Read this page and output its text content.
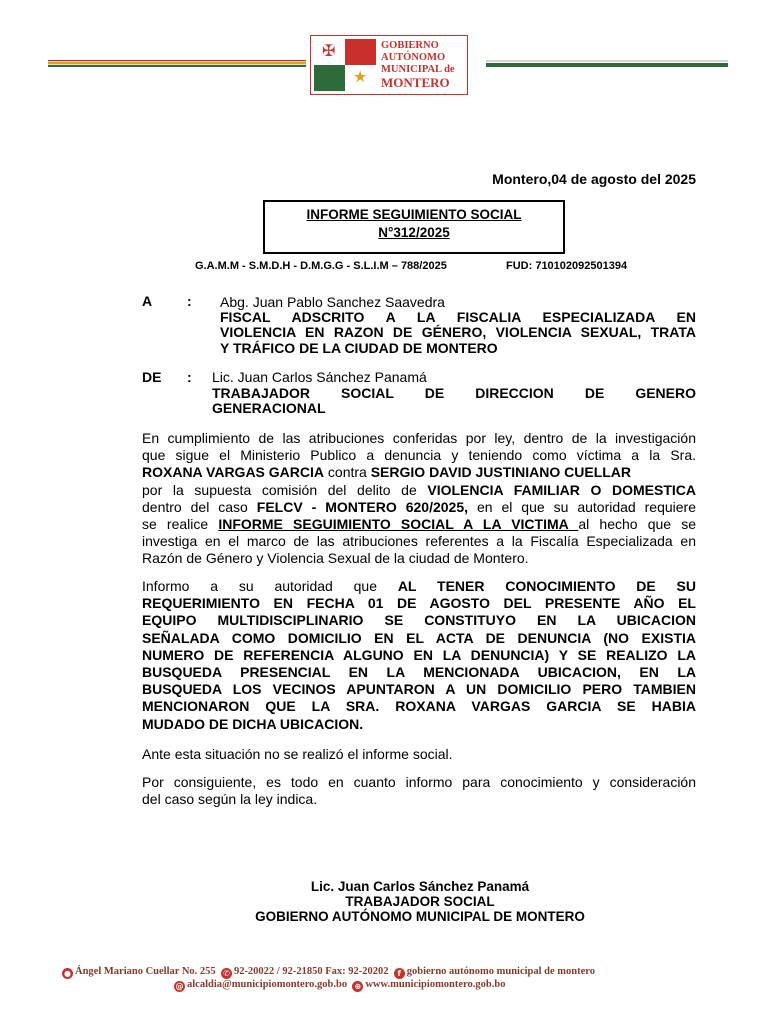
✠
★
GOBIERNO
AUTÓNOMO
MUNICIPAL de
MONTERO
Montero,04 de agosto del 2025
INFORME SEGUIMIENTO SOCIAL
N°312/2025
G.A.M.M - S.M.D.H - D.M.G.G - S.L.I.M – 788/2025	FUD: 710102092501394
A : Abg. Juan Pablo Sanchez Saavedra
FISCAL ADSCRITO A LA FISCALIA ESPECIALIZADA EN
VIOLENCIA EN RAZON DE GÉNERO, VIOLENCIA SEXUAL, TRATA
Y TRÁFICO DE LA CIUDAD DE MONTERO
DE : Lic. Juan Carlos Sánchez Panamá
TRABAJADOR SOCIAL DE DIRECCION DE GENERO
GENERACIONAL
En cumplimiento de las atribuciones conferidas por ley, dentro de la investigación
que sigue el Ministerio Publico a denuncia y teniendo como víctima a la Sra.
ROXANA VARGAS GARCIA contra SERGIO DAVID JUSTINIANO CUELLAR
por la supuesta comisión del delito de VIOLENCIA FAMILIAR O DOMESTICA
dentro del caso FELCV - MONTERO 620/2025, en el que su autoridad requiere
se realice INFORME SEGUIMIENTO SOCIAL A LA VICTIMA al hecho que se
investiga en el marco de las atribuciones referentes a la Fiscalía Especializada en
Razón de Género y Violencia Sexual de la ciudad de Montero.
Informo a su autoridad que AL TENER CONOCIMIENTO DE SU
REQUERIMIENTO EN FECHA 01 DE AGOSTO DEL PRESENTE AÑO EL
EQUIPO MULTIDISCIPLINARIO SE CONSTITUYO EN LA UBICACION
SEÑALADA COMO DOMICILIO EN EL ACTA DE DENUNCIA (NO EXISTIA
NUMERO DE REFERENCIA ALGUNO EN LA DENUNCIA) Y SE REALIZO LA
BUSQUEDA PRESENCIAL EN LA MENCIONADA UBICACION, EN LA
BUSQUEDA LOS VECINOS APUNTARON A UN DOMICILIO PERO TAMBIEN
MENCIONARON QUE LA SRA. ROXANA VARGAS GARCIA SE HABIA
MUDADO DE DICHA UBICACION.
Ante esta situación no se realizó el informe social.
Por consiguiente, es todo en cuanto informo para conocimiento y consideración
del caso según la ley indica.
Lic. Juan Carlos Sánchez Panamá
TRABAJADOR SOCIAL
GOBIERNO AUTÓNOMO MUNICIPAL DE MONTERO
● Ángel Mariano Cuellar No. 255 ✆ 92-20022 / 92-21850 Fax: 92-20202 f gobierno autónomo municipal de montero
@ alcaldia@municipiomontero.gob.bo ⊕ www.municipiomontero.gob.bo
